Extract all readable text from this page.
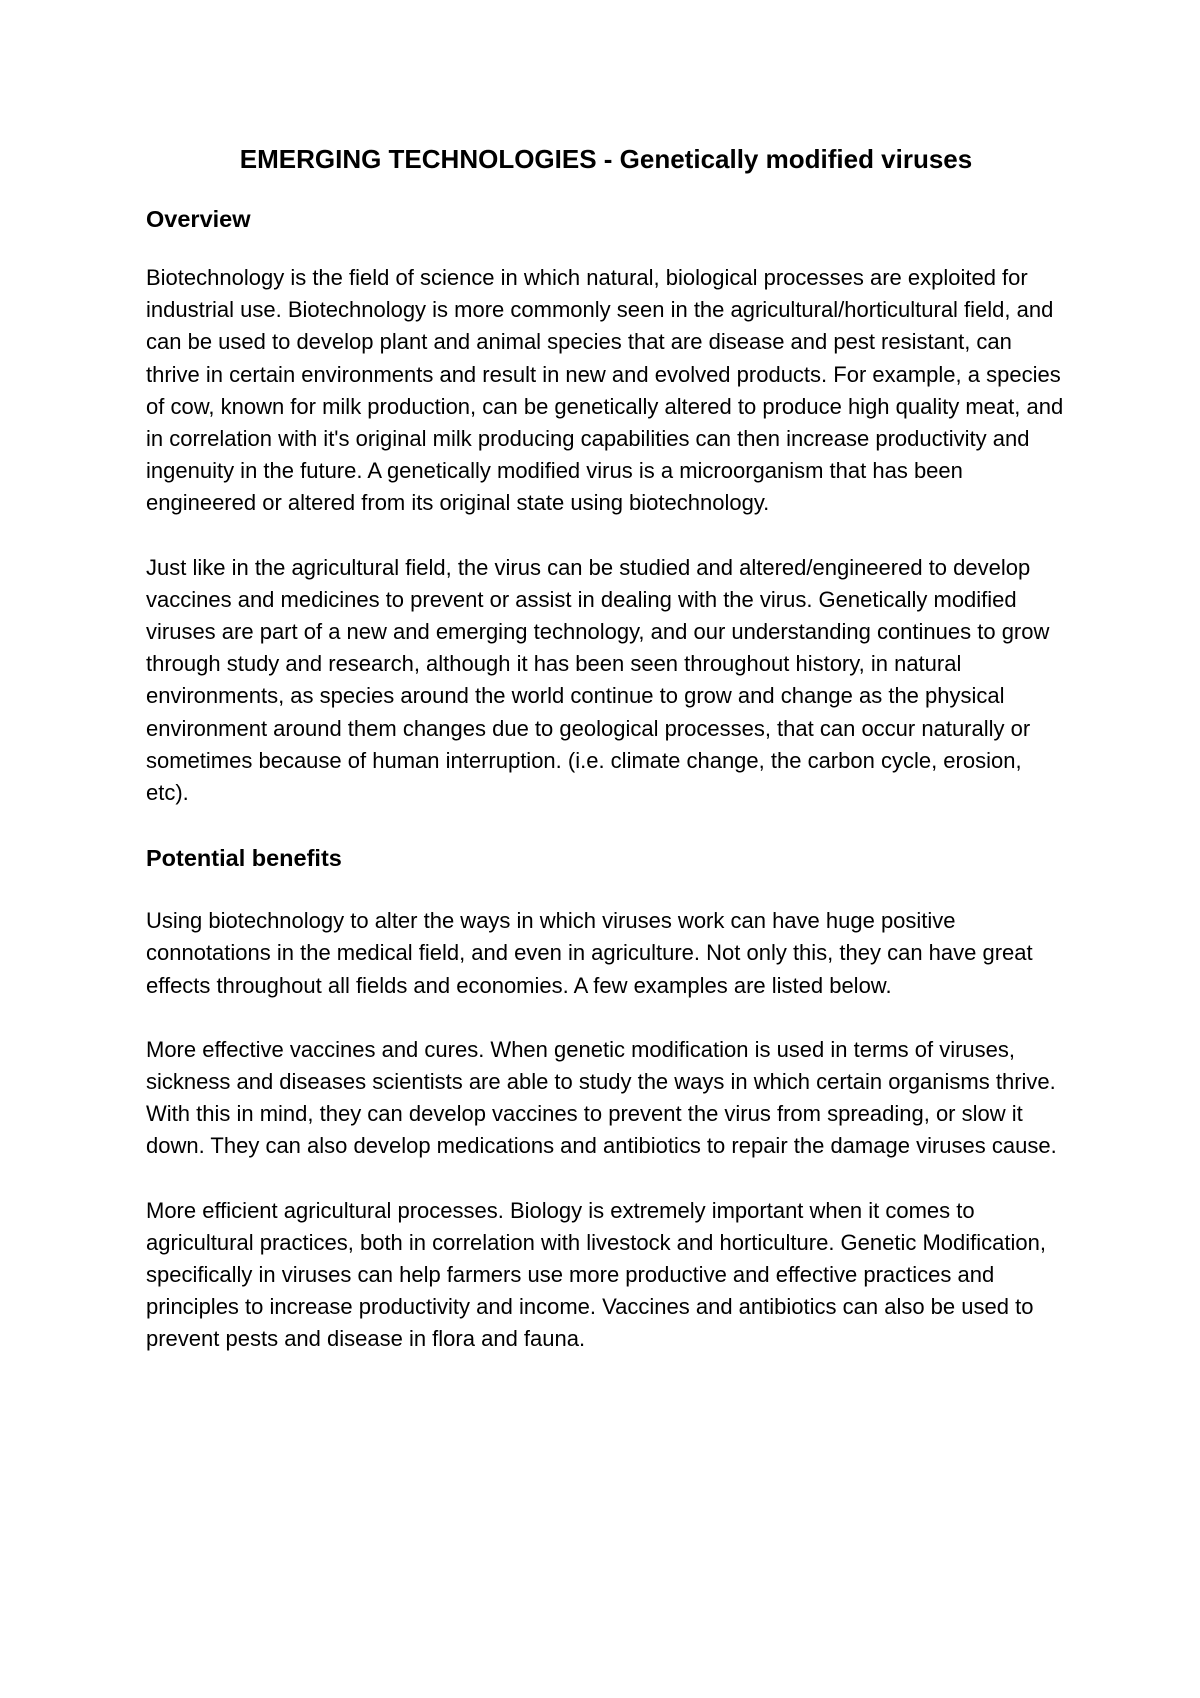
EMERGING TECHNOLOGIES - Genetically modified viruses
Overview

Biotechnology is the field of science in which natural, biological processes are exploited for industrial use. Biotechnology is more commonly seen in the agricultural/horticultural field, and can be used to develop plant and animal species that are disease and pest resistant, can thrive in certain environments and result in new and evolved products. For example, a species of cow, known for milk production, can be genetically altered to produce high quality meat, and in correlation with it's original milk producing capabilities can then increase productivity and ingenuity in the future. A genetically modified virus is a microorganism that has been engineered or altered from its original state using biotechnology.

Just like in the agricultural field, the virus can be studied and altered/engineered to develop vaccines and medicines to prevent or assist in dealing with the virus. Genetically modified viruses are part of a new and emerging technology, and our understanding continues to grow through study and research, although it has been seen throughout history, in natural environments, as species around the world continue to grow and change as the physical environment around them changes due to geological processes, that can occur naturally or sometimes because of human interruption. (i.e. climate change, the carbon cycle, erosion, etc).

Potential benefits

Using biotechnology to alter the ways in which viruses work can have huge positive connotations in the medical field, and even in agriculture. Not only this, they can have great effects throughout all fields and economies. A few examples are listed below.

More effective vaccines and cures. When genetic modification is used in terms of viruses, sickness and diseases scientists are able to study the ways in which certain organisms thrive. With this in mind, they can develop vaccines to prevent the virus from spreading, or slow it down. They can also develop medications and antibiotics to repair the damage viruses cause.

More efficient agricultural processes. Biology is extremely important when it comes to agricultural practices, both in correlation with livestock and horticulture. Genetic Modification, specifically in viruses can help farmers use more productive and effective practices and principles to increase productivity and income. Vaccines and antibiotics can also be used to prevent pests and disease in flora and fauna.
